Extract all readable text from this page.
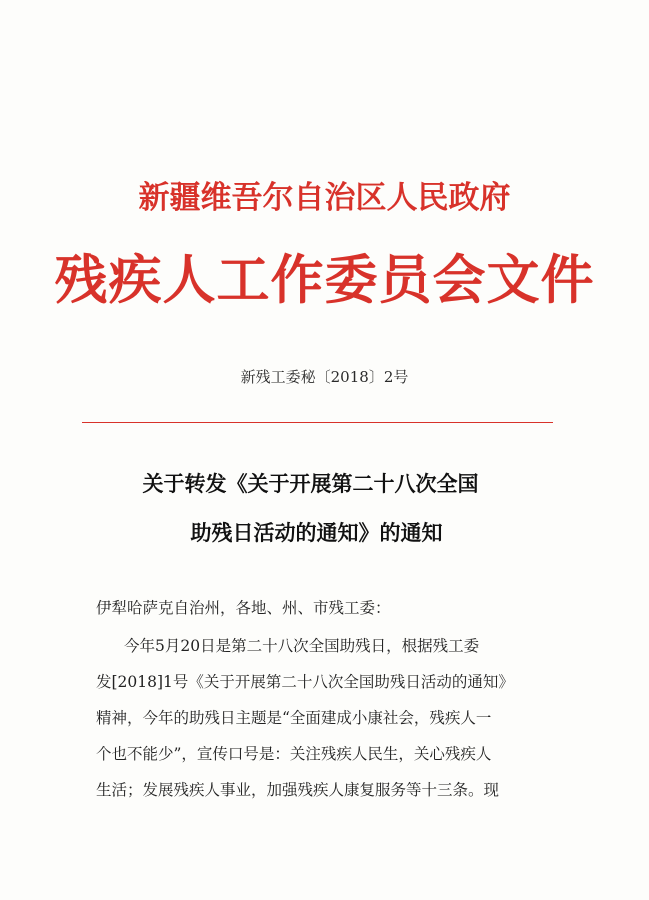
新疆维吾尔自治区人民政府
残疾人工作委员会文件
新残工委秘〔2018〕2号
关于转发《关于开展第二十八次全国
助残日活动的通知》的通知
伊犁哈萨克自治州，各地、州、市残工委：
今年5月20日是第二十八次全国助残日，根据残工委
发[2018]1号《关于开展第二十八次全国助残日活动的通知》
精神，今年的助残日主题是“全面建成小康社会，残疾人一
个也不能少”，宣传口号是：关注残疾人民生，关心残疾人
生活；发展残疾人事业，加强残疾人康复服务等十三条。现
